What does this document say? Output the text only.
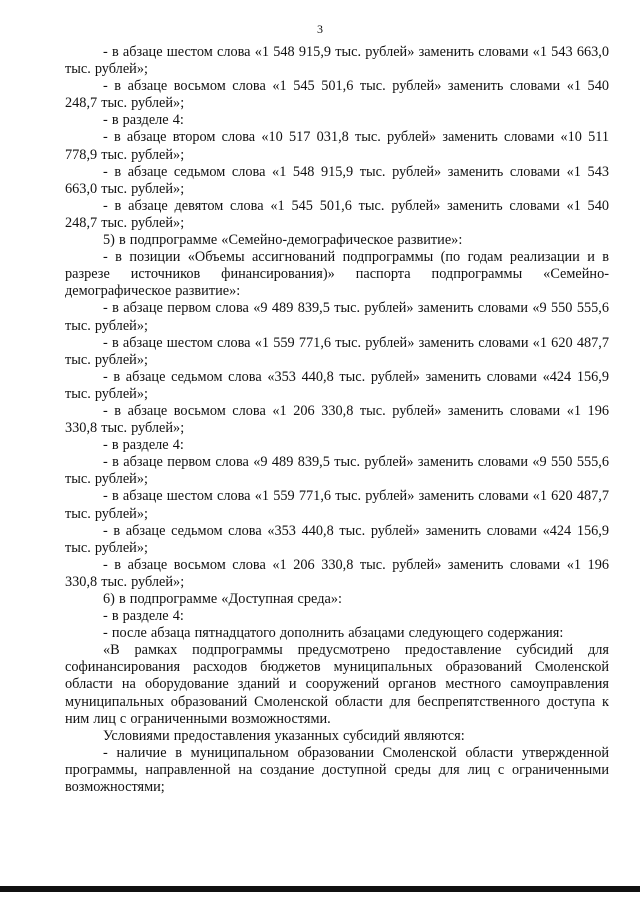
3

- в абзаце шестом слова «1 548 915,9 тыс. рублей» заменить словами «1 543 663,0 тыс. рублей»;

- в абзаце восьмом слова «1 545 501,6 тыс. рублей» заменить словами «1 540 248,7 тыс. рублей»;

- в разделе 4:

- в абзаце втором слова «10 517 031,8 тыс. рублей» заменить словами «10 511 778,9 тыс. рублей»;

- в абзаце седьмом слова «1 548 915,9 тыс. рублей» заменить словами «1 543 663,0 тыс. рублей»;

- в абзаце девятом слова «1 545 501,6 тыс. рублей» заменить словами «1 540 248,7 тыс. рублей»;

5) в подпрограмме «Семейно-демографическое развитие»:

- в позиции «Объемы ассигнований подпрограммы (по годам реализации и в разрезе источников финансирования)» паспорта подпрограммы «Семейно-демографическое развитие»:

- в абзаце первом слова «9 489 839,5 тыс. рублей» заменить словами «9 550 555,6 тыс. рублей»;

- в абзаце шестом слова «1 559 771,6 тыс. рублей» заменить словами «1 620 487,7 тыс. рублей»;

- в абзаце седьмом слова «353 440,8 тыс. рублей» заменить словами «424 156,9 тыс. рублей»;

- в абзаце восьмом слова «1 206 330,8 тыс. рублей» заменить словами «1 196 330,8 тыс. рублей»;

- в разделе 4:

- в абзаце первом слова «9 489 839,5 тыс. рублей» заменить словами «9 550 555,6 тыс. рублей»;

- в абзаце шестом слова «1 559 771,6 тыс. рублей» заменить словами «1 620 487,7 тыс. рублей»;

- в абзаце седьмом слова «353 440,8 тыс. рублей» заменить словами «424 156,9 тыс. рублей»;

- в абзаце восьмом слова «1 206 330,8 тыс. рублей» заменить словами «1 196 330,8 тыс. рублей»;

6) в подпрограмме «Доступная среда»:

- в разделе 4:

- после абзаца пятнадцатого дополнить абзацами следующего содержания:

«В рамках подпрограммы предусмотрено предоставление субсидий для софинансирования расходов бюджетов муниципальных образований Смоленской области на оборудование зданий и сооружений органов местного самоуправления муниципальных образований Смоленской области для беспрепятственного доступа к ним лиц с ограниченными возможностями.

Условиями предоставления указанных субсидий являются:

- наличие в муниципальном образовании Смоленской области утвержденной программы, направленной на создание доступной среды для лиц с ограниченными возможностями;
